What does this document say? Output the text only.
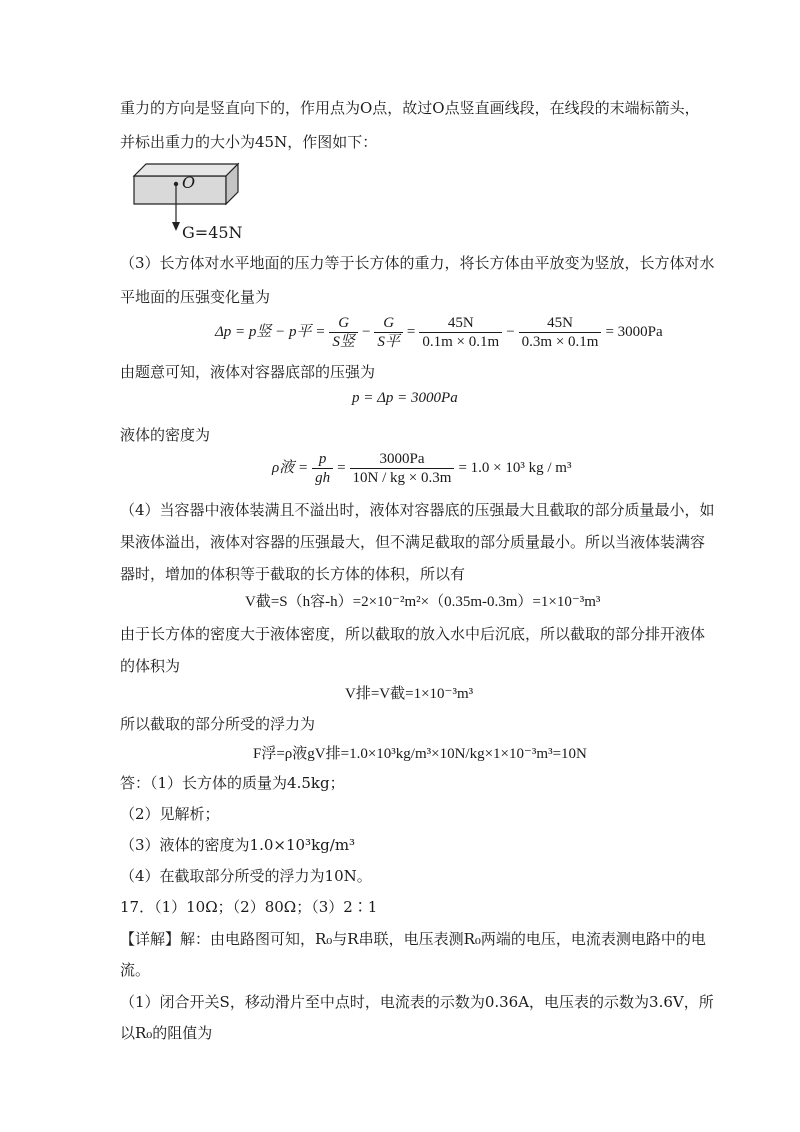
重力的方向是竖直向下的，作用点为O点，故过O点竖直画线段，在线段的末端标箭头，
并标出重力的大小为45N，作图如下：
O
G=45N
（3）长方体对水平地面的压力等于长方体的重力，将长方体由平放变为竖放，长方体对水
平地面的压强变化量为
Δp = p竖 − p平 = $\frac{G}{\text{S竖}} - \frac{G}{\text{S平}} = \frac{45N}{0.1m \times 0.1m} - \frac{45N}{0.3m \times 0.1m} = 3000Pa$
由题意可知，液体对容器底部的压强为
p = Δp = 3000Pa
液体的密度为
ρ液 = $\frac{p}{gh} = \frac{3000Pa}{10N / kg \times 0.3m} = 1.0 \times 10^3$ kg / m³
（4）当容器中液体装满且不溢出时，液体对容器底的压强最大且截取的部分质量最小，如
果液体溢出，液体对容器的压强最大，但不满足截取的部分质量最小。所以当液体装满容
器时，增加的体积等于截取的长方体的体积，所以有
V截=S（h容-h）=2×10⁻²m²×（0.35m-0.3m）=1×10⁻³m³
由于长方体的密度大于液体密度，所以截取的放入水中后沉底，所以截取的部分排开液体
的体积为
V排=V截=1×10⁻³m³
所以截取的部分所受的浮力为
F浮=ρ液gV排=1.0×10³kg/m³×10N/kg×1×10⁻³m³=10N
答：（1）长方体的质量为4.5kg；
（2）见解析；
（3）液体的密度为1.0×10³kg/m³
（4）在截取部分所受的浮力为10N。
17．（1）10Ω；（2）80Ω；（3）2∶1
【详解】解：由电路图可知，R₀与R串联，电压表测R₀两端的电压，电流表测电路中的电
流。
（1）闭合开关S，移动滑片至中点时，电流表的示数为0.36A，电压表的示数为3.6V，所
以R₀的阻值为
